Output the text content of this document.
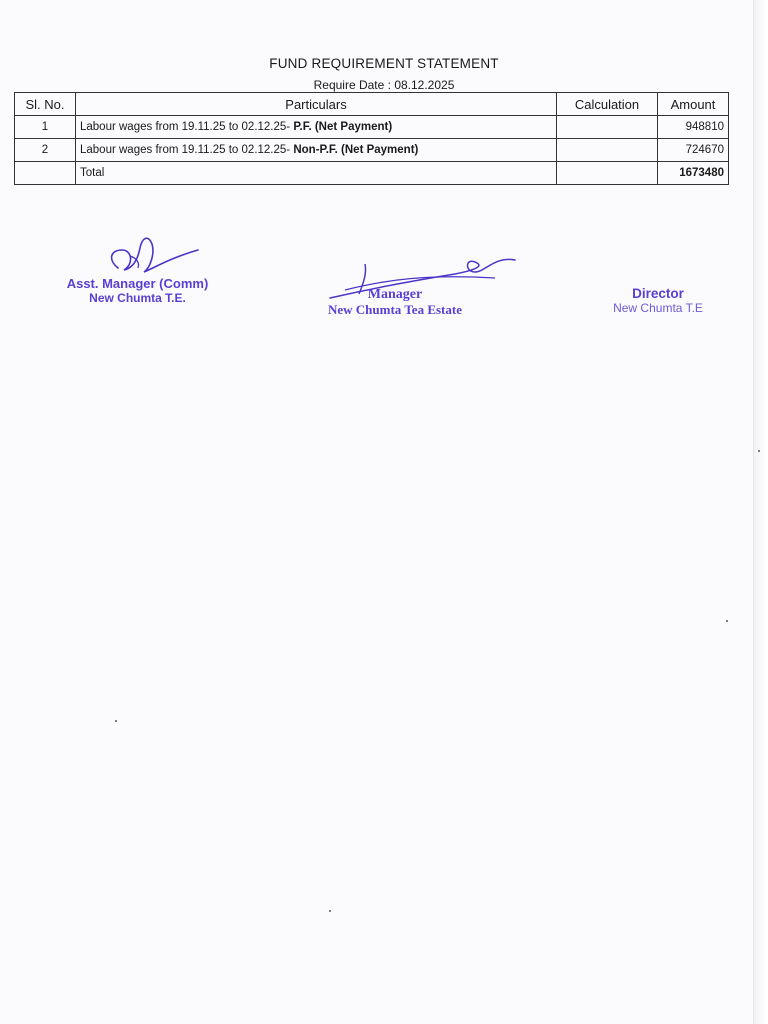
FUND REQUIREMENT STATEMENT
Require Date : 08.12.2025
Sl. No.	Particulars	Calculation	Amount
1	Labour wages from 19.11.25 to 02.12.25- P.F. (Net Payment)		948810
2	Labour wages from 19.11.25 to 02.12.25- Non-P.F. (Net Payment)		724670
	Total		1673480
Asst. Manager (Comm)
New Chumta T.E.	Manager
New Chumta Tea Estate
Director
New Chumta T.E
